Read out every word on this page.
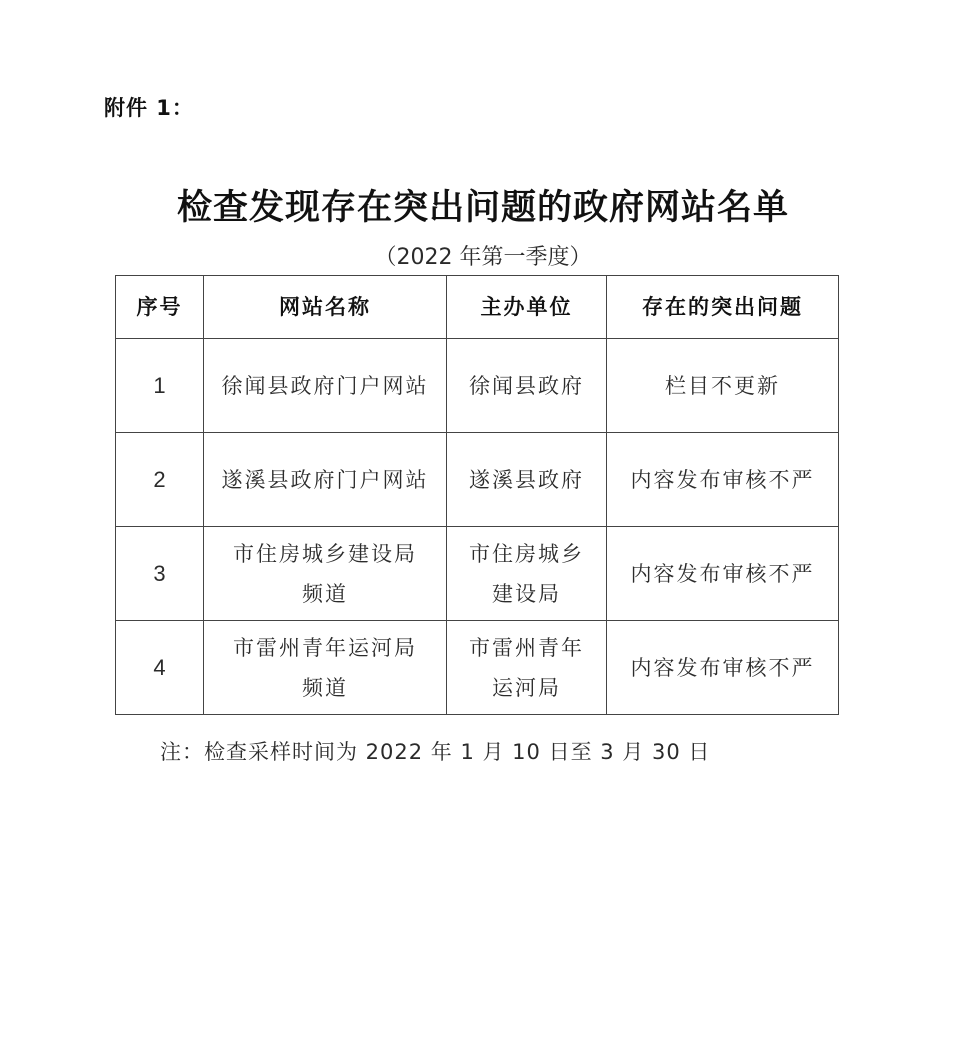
附件 1：
检查发现存在突出问题的政府网站名单
（2022 年第一季度）
序号	网站名称	主办单位	存在的突出问题
1	徐闻县政府门户网站	徐闻县政府	栏目不更新
2	遂溪县政府门户网站	遂溪县政府	内容发布审核不严
3	市住房城乡建设局频道	市住房城乡建设局	内容发布审核不严
4	市雷州青年运河局频道	市雷州青年运河局	内容发布审核不严
注：检查采样时间为 2022 年 1 月 10 日至 3 月 30 日
